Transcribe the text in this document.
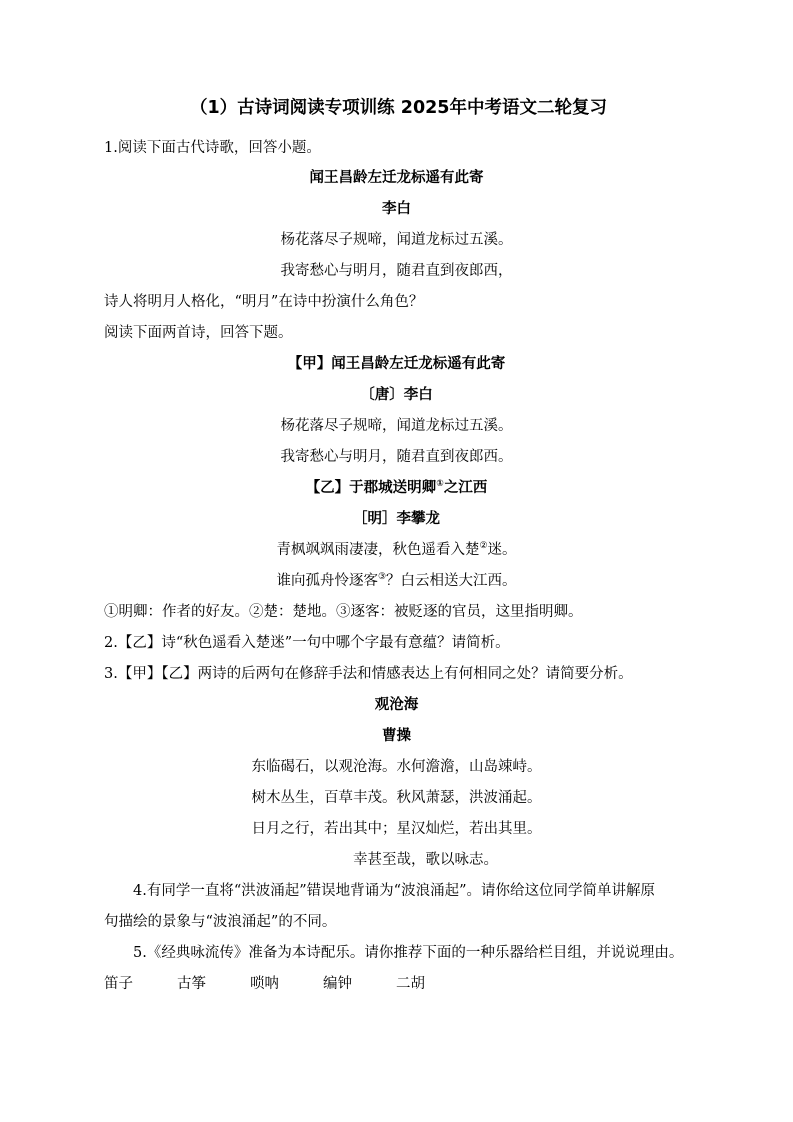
（1）古诗词阅读专项训练 2025年中考语文二轮复习
1.阅读下面古代诗歌，回答小题。
闻王昌龄左迁龙标遥有此寄
李白
杨花落尽子规啼，闻道龙标过五溪。
我寄愁心与明月，随君直到夜郎西，
诗人将明月人格化，“明月”在诗中扮演什么角色？
阅读下面两首诗，回答下题。
【甲】闻王昌龄左迁龙标遥有此寄
〔唐〕李白
杨花落尽子规啼，闻道龙标过五溪。
我寄愁心与明月，随君直到夜郎西。
【乙】于郡城送明卿①之江西
［明］李攀龙
青枫飒飒雨凄凄，秋色遥看入楚②迷。
谁向孤舟怜逐客③？白云相送大江西。
①明卿：作者的好友。②楚：楚地。③逐客：被贬逐的官员，这里指明卿。
2.【乙】诗“秋色遥看入楚迷”一句中哪个字最有意蕴？请简析。
3.【甲】【乙】两诗的后两句在修辞手法和情感表达上有何相同之处？请简要分析。
观沧海
曹操
东临碣石，以观沧海。水何澹澹，山岛竦峙。
树木丛生，百草丰茂。秋风萧瑟，洪波涌起。
日月之行，若出其中；星汉灿烂，若出其里。
　　　　幸甚至哉，歌以咏志。
　　4.有同学一直将“洪波涌起”错误地背诵为“波浪涌起”。请你给这位同学简单讲解原
句描绘的景象与“波浪涌起”的不同。
　　5.《经典咏流传》准备为本诗配乐。请你推荐下面的一种乐器给栏目组，并说说理由。
笛子	古筝	唢呐	编钟	二胡
